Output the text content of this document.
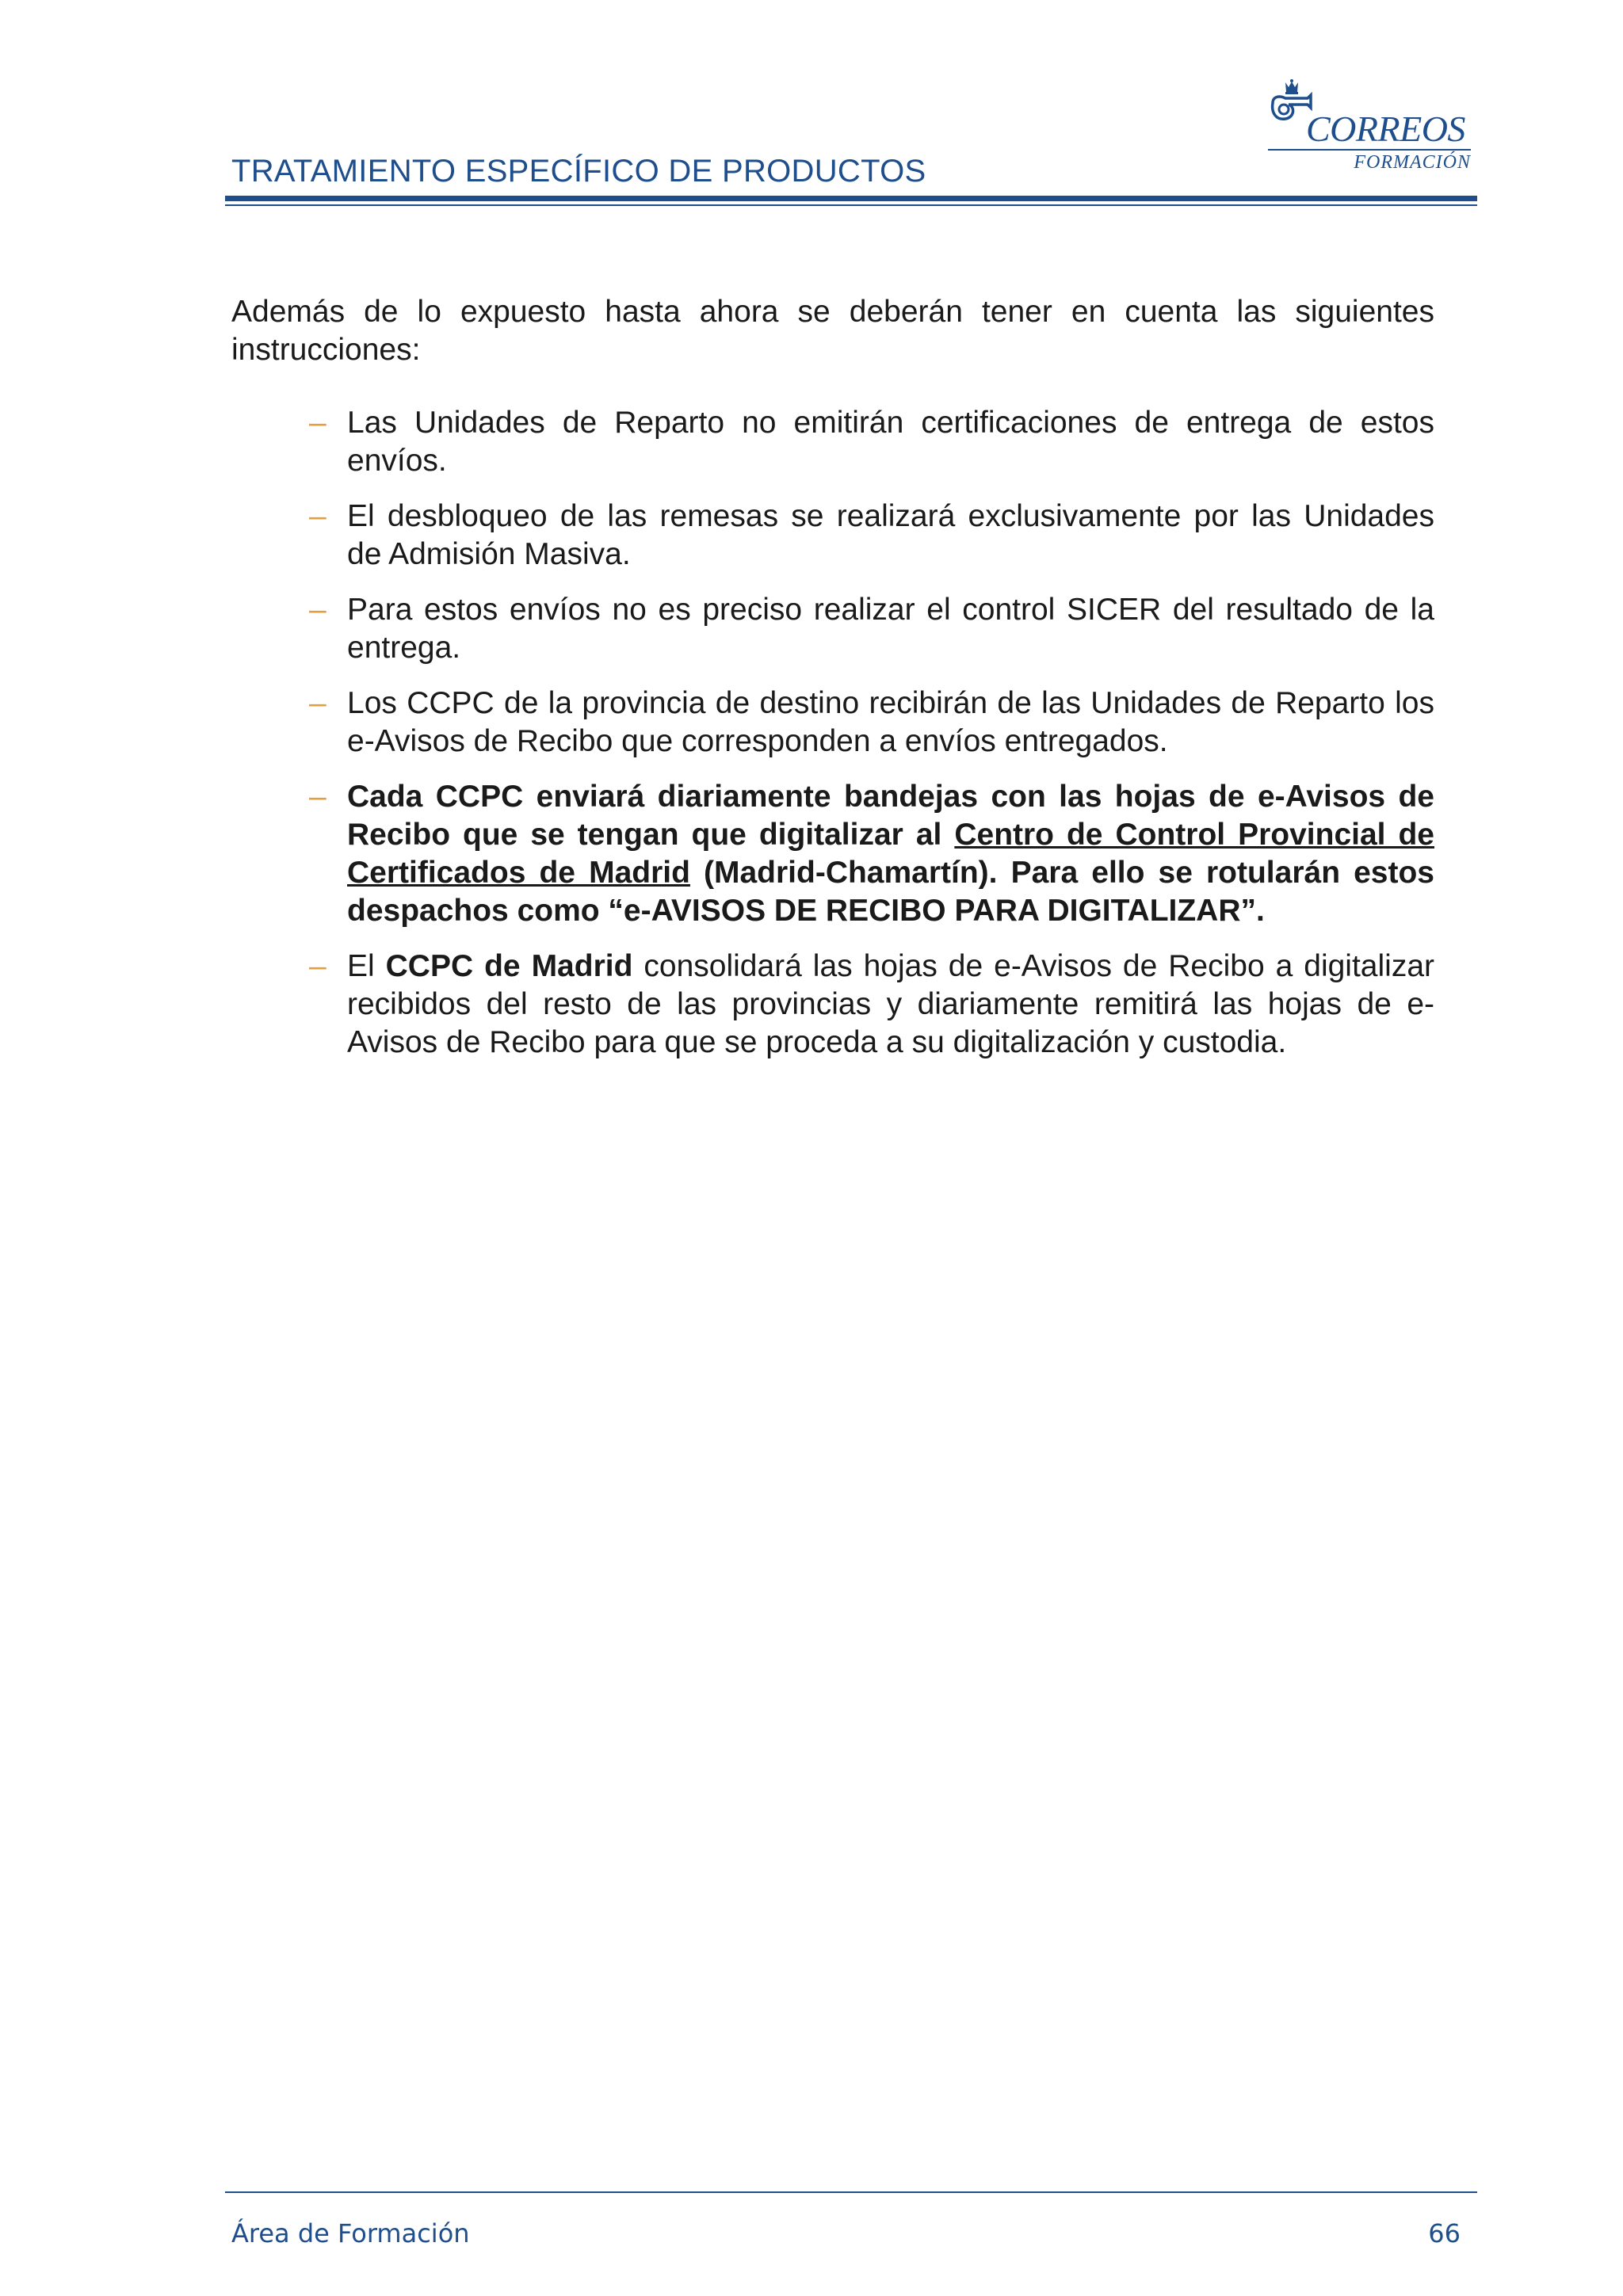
TRATAMIENTO ESPECÍFICO DE PRODUCTOS
CORREOS
FORMACIÓN

Además de lo expuesto hasta ahora se deberán tener en cuenta las siguientes instrucciones:

– Las Unidades de Reparto no emitirán certificaciones de entrega de estos envíos.
– El desbloqueo de las remesas se realizará exclusivamente por las Unidades de Admisión Masiva.
– Para estos envíos no es preciso realizar el control SICER del resultado de la entrega.
– Los CCPC de la provincia de destino recibirán de las Unidades de Reparto los e-Avisos de Recibo que corresponden a envíos entregados.
– Cada CCPC enviará diariamente bandejas con las hojas de e-Avisos de Recibo que se tengan que digitalizar al Centro de Control Provincial de Certificados de Madrid (Madrid-Chamartín). Para ello se rotularán estos despachos como “e-AVISOS DE RECIBO PARA DIGITALIZAR”.
– El CCPC de Madrid consolidará las hojas de e-Avisos de Recibo a digitalizar recibidos del resto de las provincias y diariamente remitirá las hojas de e-Avisos de Recibo para que se proceda a su digitalización y custodia.
Área de Formación	66
